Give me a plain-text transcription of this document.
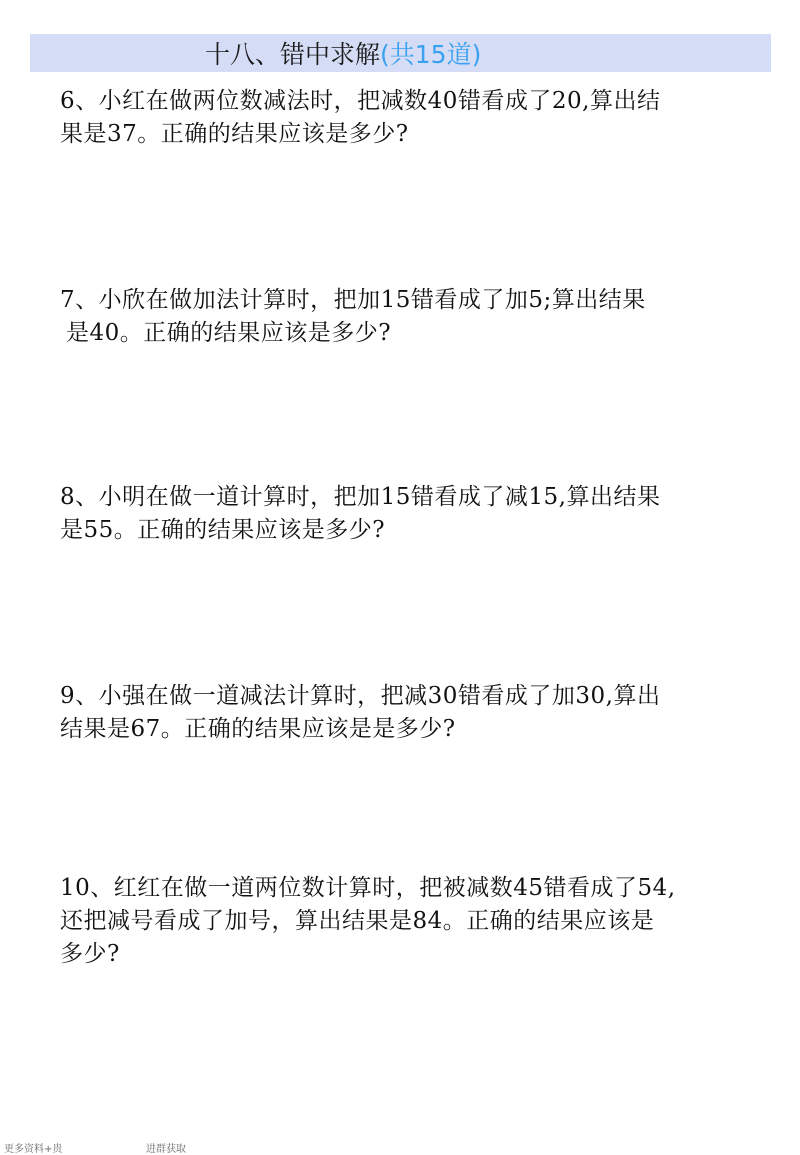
十八、错中求解(共15道)
6、小红在做两位数减法时，把减数40错看成了20,算出结
果是37。正确的结果应该是多少?
7、小欣在做加法计算时，把加15错看成了加5;算出结果
是40。正确的结果应该是多少?
8、小明在做一道计算时，把加15错看成了减15,算出结果
是55。正确的结果应该是多少?
9、小强在做一道减法计算时，把减30错看成了加30,算出
结果是67。正确的结果应该是是多少?
10、红红在做一道两位数计算时，把被减数45错看成了54,
还把减号看成了加号，算出结果是84。正确的结果应该是
多少?
更多资料+贵	进群获取
